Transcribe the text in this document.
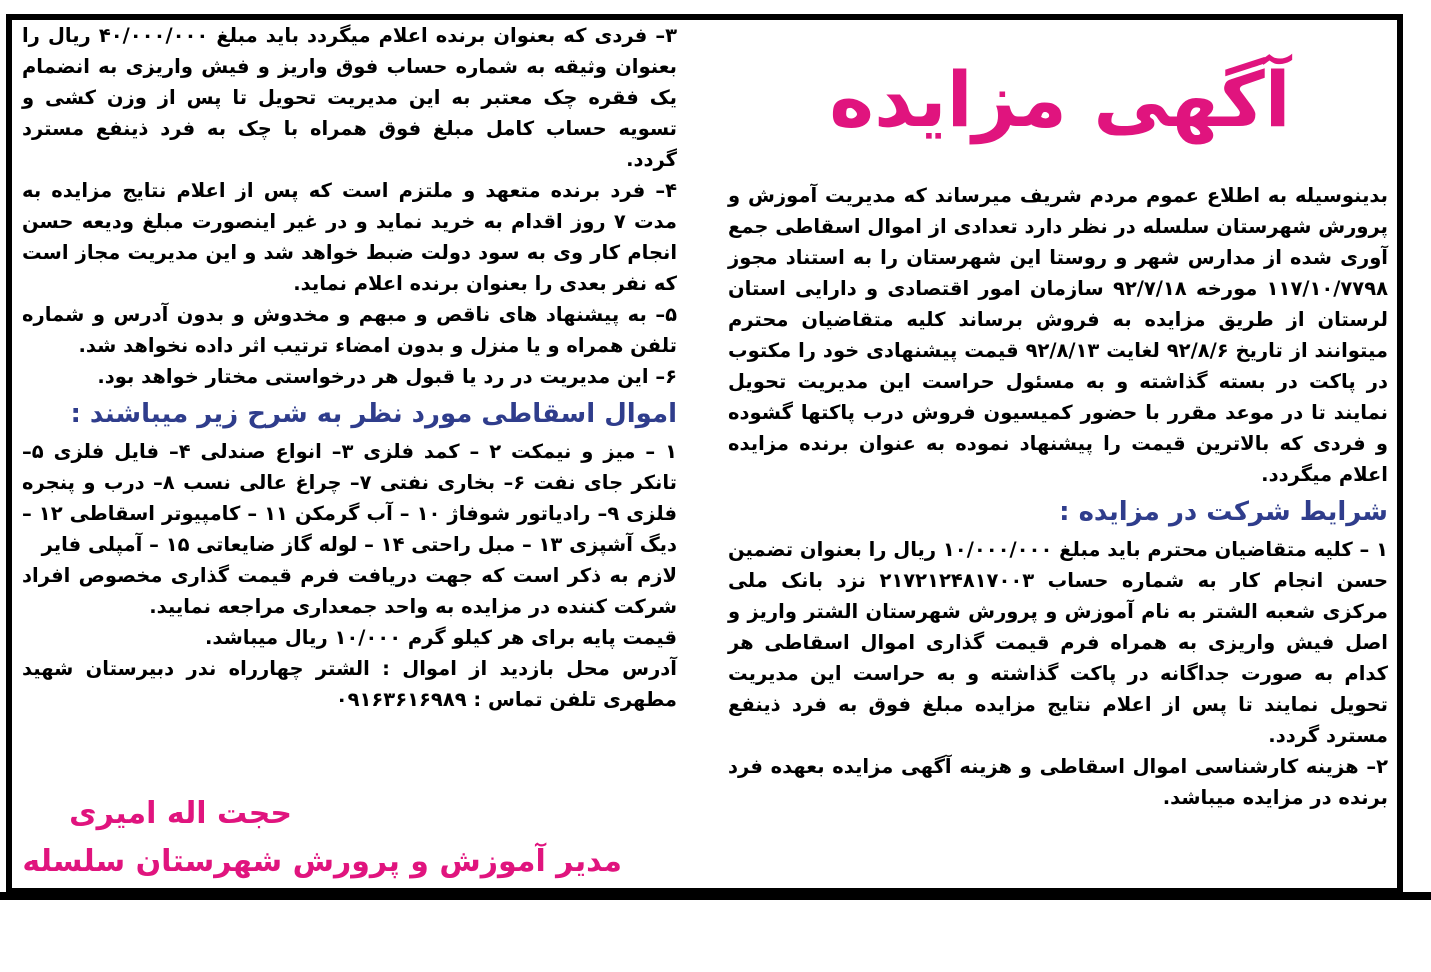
آگهی مزایده

بدینوسیله به اطلاع عموم مردم شریف میرساند که مدیریت آموزش و پرورش شهرستان سلسله در نظر دارد تعدادی از اموال اسقاطی جمع آوری شده از مدارس شهر و روستا این شهرستان را به استناد مجوز ۱۱۷/۱۰/۷۷۹۸ مورخه ۹۲/۷/۱۸ سازمان امور اقتصادی و دارایی استان لرستان از طریق مزایده به فروش برساند کلیه متقاضیان محترم میتوانند از تاریخ ۹۲/۸/۶ لغایت ۹۲/۸/۱۳ قیمت پیشنهادی خود را مکتوب در پاکت در بسته گذاشته و به مسئول حراست این مدیریت تحویل نمایند تا در موعد مقرر با حضور کمیسیون فروش درب پاکتها گشوده و فردی که بالاترین قیمت را پیشنهاد نموده به عنوان برنده مزایده اعلام میگردد.

شرایط شرکت در مزایده :

۱ – کلیه متقاضیان محترم باید مبلغ ۱۰/۰۰۰/۰۰۰ ریال را بعنوان تضمین حسن انجام کار به شماره حساب ۲۱۷۲۱۲۴۸۱۷۰۰۳ نزد بانک ملی مرکزی شعبه الشتر به نام آموزش و پرورش شهرستان الشتر واریز و اصل فیش واریزی به همراه فرم قیمت گذاری اموال اسقاطی هر کدام به صورت جداگانه در پاکت گذاشته و به حراست این مدیریت تحویل نمایند تا پس از اعلام نتایج مزایده مبلغ فوق به فرد ذینفع مسترد گردد.

۲– هزینه کارشناسی اموال اسقاطی و هزینه آگهی مزایده بعهده فرد برنده در مزایده میباشد.

۳– فردی که بعنوان برنده اعلام میگردد باید مبلغ ۴۰/۰۰۰/۰۰۰ ریال را بعنوان وثیقه به شماره حساب فوق واریز و فیش واریزی به انضمام یک فقره چک معتبر به این مدیریت تحویل تا پس از وزن کشی و تسویه حساب کامل مبلغ فوق همراه با چک به فرد ذینفع مسترد گردد.

۴– فرد برنده متعهد و ملتزم است که پس از اعلام نتایج مزایده به مدت ۷ روز اقدام به خرید نماید و در غیر اینصورت مبلغ ودیعه حسن انجام کار وی به سود دولت ضبط خواهد شد و این مدیریت مجاز است که نفر بعدی را بعنوان برنده اعلام نماید.

۵– به پیشنهاد های ناقص و مبهم و مخدوش و بدون آدرس و شماره تلفن همراه و یا منزل و بدون امضاء ترتیب اثر داده نخواهد شد.

۶– این مدیریت در رد یا قبول هر درخواستی مختار خواهد بود.

اموال اسقاطی مورد نظر به شرح زیر میباشند :

۱ – میز و نیمکت ۲ – کمد فلزی ۳– انواع صندلی ۴– فایل فلزی ۵– تانکر جای نفت ۶– بخاری نفتی ۷– چراغ عالی نسب ۸– درب و پنجره فلزی ۹– رادیاتور شوفاژ ۱۰ – آب گرمکن ۱۱ – کامپیوتر اسقاطی ۱۲ – دیگ آشپزی ۱۳ – مبل راحتی ۱۴ – لوله گاز ضایعاتی ۱۵ – آمپلی فایر

لازم به ذکر است که جهت دریافت فرم قیمت گذاری مخصوص افراد شرکت کننده در مزایده به واحد جمعداری مراجعه نمایید.

قیمت پایه برای هر کیلو گرم ۱۰/۰۰۰ ریال میباشد.

آدرس محل بازدید از اموال : الشتر چهارراه ندر دبیرستان شهید مطهری تلفن تماس : ۰۹۱۶۳۶۱۶۹۸۹

حجت اله امیری
مدیر آموزش و پرورش شهرستان سلسله
